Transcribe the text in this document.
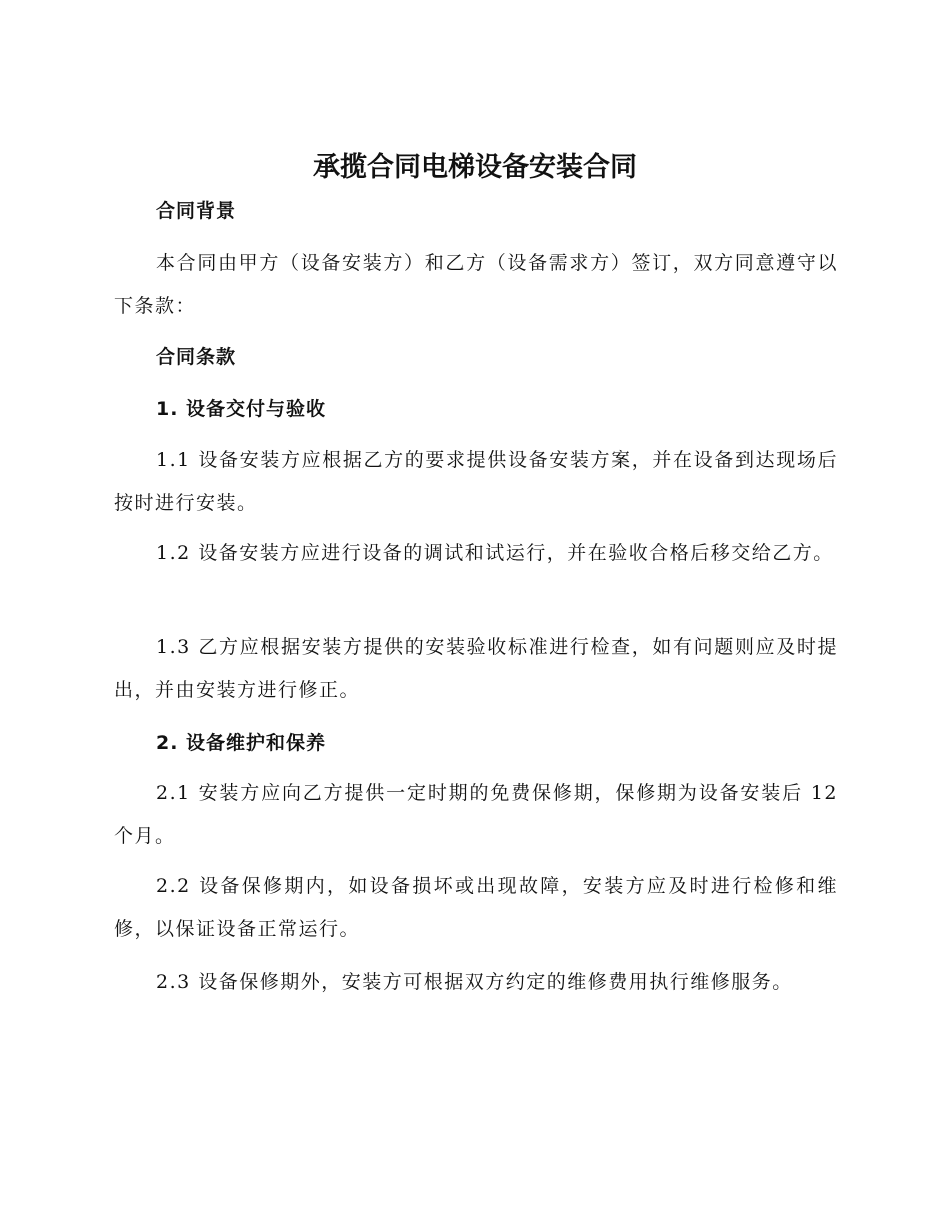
承揽合同电梯设备安装合同
合同背景

本合同由甲方（设备安装方）和乙方（设备需求方）签订，双方同意遵守以下条款：

合同条款
1. 设备交付与验收

1.1 设备安装方应根据乙方的要求提供设备安装方案，并在设备到达现场后按时进行安装。

1.2 设备安装方应进行设备的调试和试运行，并在验收合格后移交给乙方。

1.3 乙方应根据安装方提供的安装验收标准进行检查，如有问题则应及时提出，并由安装方进行修正。

2. 设备维护和保养

2.1 安装方应向乙方提供一定时期的免费保修期，保修期为设备安装后 12 个月。

2.2 设备保修期内，如设备损坏或出现故障，安装方应及时进行检修和维修，以保证设备正常运行。

2.3 设备保修期外，安装方可根据双方约定的维修费用执行维修服务。
